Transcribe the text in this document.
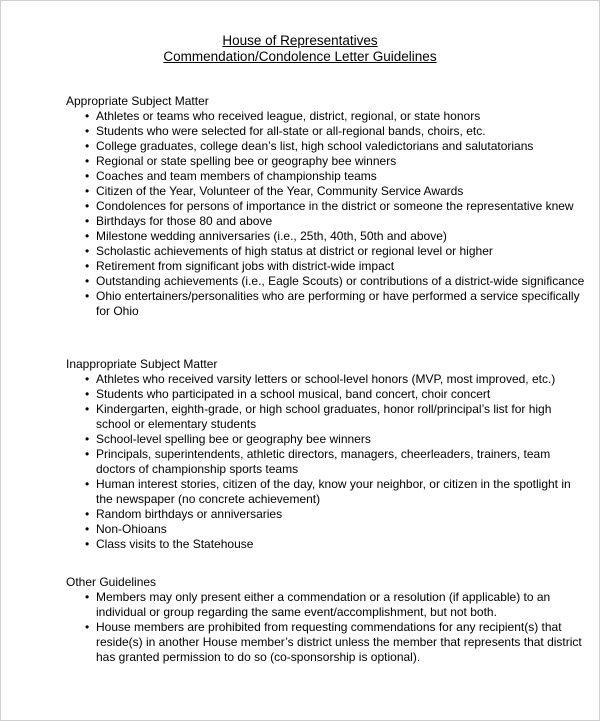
House of Representatives

Commendation/Condolence Letter Guidelines

Appropriate Subject Matter

• Athletes or teams who received league, district, regional, or state honors
• Students who were selected for all-state or all-regional bands, choirs, etc.
• College graduates, college dean’s list, high school valedictorians and salutatorians
• Regional or state spelling bee or geography bee winners
• Coaches and team members of championship teams
• Citizen of the Year, Volunteer of the Year, Community Service Awards
• Condolences for persons of importance in the district or someone the representative knew
• Birthdays for those 80 and above
• Milestone wedding anniversaries (i.e., 25th, 40th, 50th and above)
• Scholastic achievements of high status at district or regional level or higher
• Retirement from significant jobs with district-wide impact
• Outstanding achievements (i.e., Eagle Scouts) or contributions of a district-wide significance
• Ohio entertainers/personalities who are performing or have performed a service specifically for Ohio

Inappropriate Subject Matter

• Athletes who received varsity letters or school-level honors (MVP, most improved, etc.)
• Students who participated in a school musical, band concert, choir concert
• Kindergarten, eighth-grade, or high school graduates, honor roll/principal’s list for high school or elementary students
• School-level spelling bee or geography bee winners
• Principals, superintendents, athletic directors, managers, cheerleaders, trainers, team doctors of championship sports teams
• Human interest stories, citizen of the day, know your neighbor, or citizen in the spotlight in the newspaper (no concrete achievement)
• Random birthdays or anniversaries
• Non-Ohioans
• Class visits to the Statehouse

Other Guidelines

• Members may only present either a commendation or a resolution (if applicable) to an individual or group regarding the same event/accomplishment, but not both.
• House members are prohibited from requesting commendations for any recipient(s) that reside(s) in another House member’s district unless the member that represents that district has granted permission to do so (co-sponsorship is optional).
